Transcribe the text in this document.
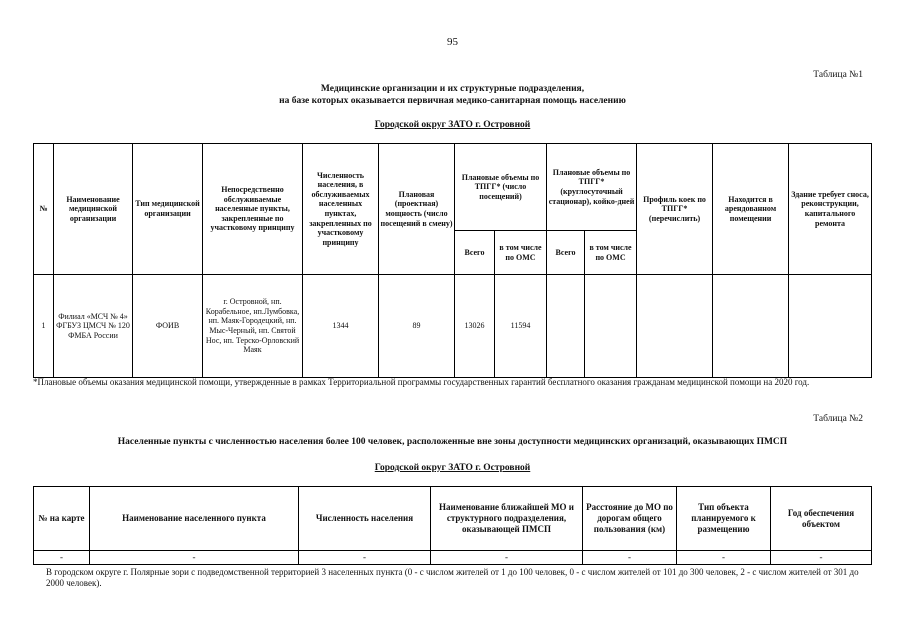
95
Таблица №1
Медицинские организации и их структурные подразделения,
на базе которых оказывается первичная медико-санитарная помощь населению
Городской округ ЗАТО г. Островной
№	Наименование медицинской организации	Тип медицинской организации	Непосредственно обслуживаемые населенные пункты, закрепленные по участковому принципу	Численность населения, в обслуживаемых населенных пунктах, закрепленных по участковому принципу	Плановая (проектная) мощность (число посещений в смену)	Плановые объемы по ТПГГ* (число посещений)		Плановые объемы по ТПГГ* (круглосуточный стационар), койко-дней		Профиль коек по ТПГГ* (перечислить)	Находится в арендованном помещении	Здание требует сноса, реконструкции, капитального ремонта
						Всего	в том числе по ОМС	Всего	в том числе по ОМС			
1	Филиал «МСЧ № 4» ФГБУЗ ЦМСЧ № 120 ФМБА России	ФОИВ	г. Островной, нп. Корабельное, нп.Лумбовка, нп. Маяк-Городецкий, нп. Мыс-Черный, нп. Святой Нос, нп. Терско-Орловский Маяк	1344	89	13026	11594					
*Плановые объемы оказания медицинской помощи, утвержденные в рамках Территориальной программы государственных гарантий бесплатного оказания гражданам медицинской помощи на 2020 год.
Таблица №2
Населенные пункты с численностью населения более 100 человек, расположенные вне зоны доступности медицинских организаций, оказывающих ПМСП
Городской округ ЗАТО г. Островной
№ на карте	Наименование населенного пункта	Численность населения	Наименование ближайшей МО и структурного подразделения, оказывающей ПМСП	Расстояние до МО по дорогам общего пользования (км)	Тип объекта планируемого к размещению	Год обеспечения объектом
-	-	-	-	-	-	-
В городском округе г. Полярные зори с подведомственной территорией 3 населенных пункта (0 - с числом жителей от 1 до 100 человек, 0 - с числом жителей от 101 до 300 человек, 2 - с числом жителей от 301 до 2000 человек).
